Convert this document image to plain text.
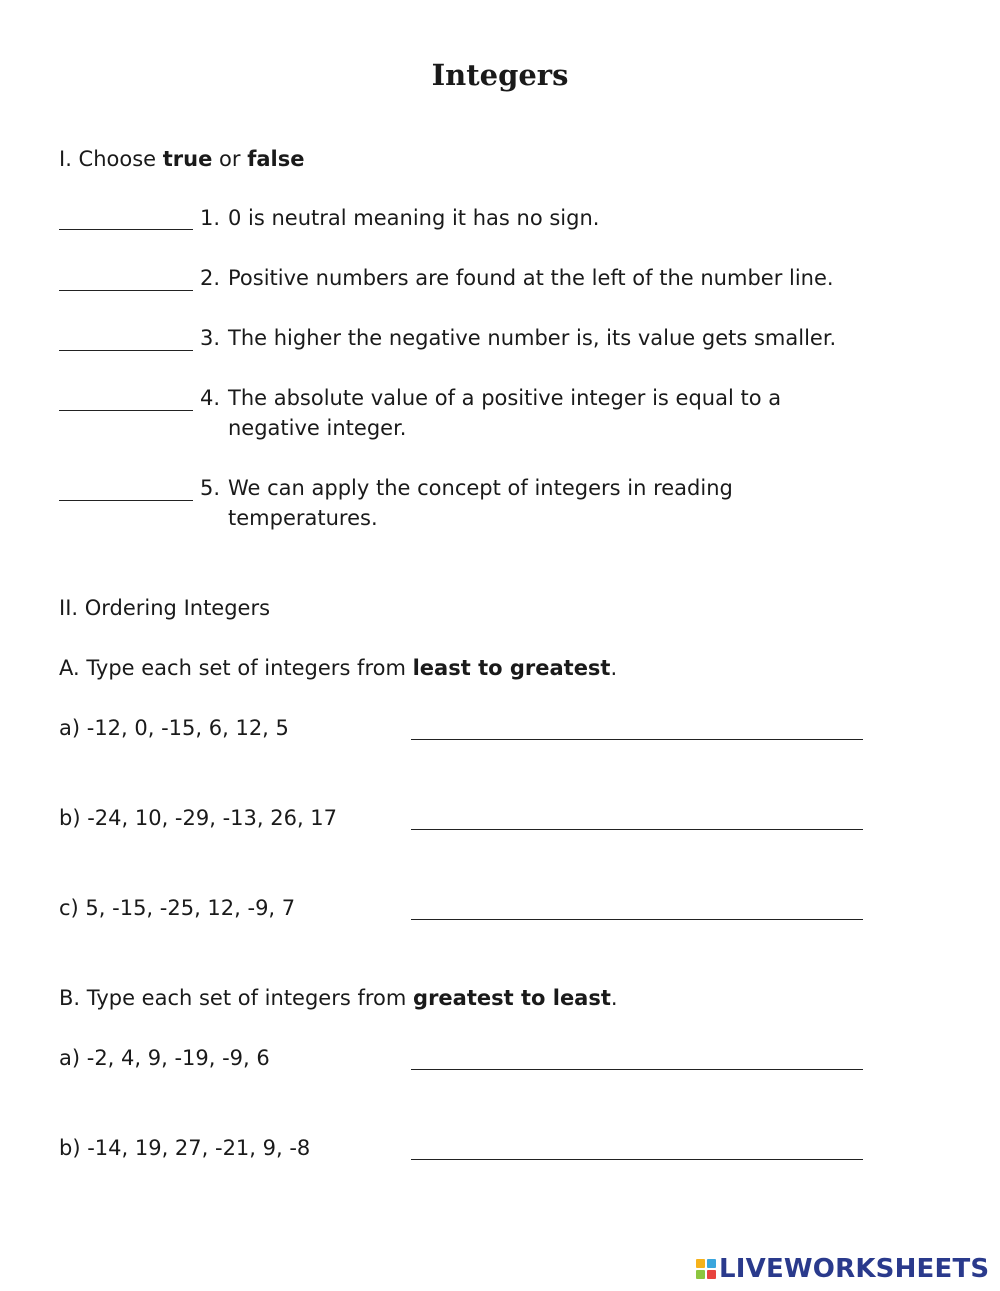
Integers
I. Choose true or false
1. 0 is neutral meaning it has no sign.
2. Positive numbers are found at the left of the number line.
3. The higher the negative number is, its value gets smaller.
4. The absolute value of a positive integer is equal to a
negative integer.
5. We can apply the concept of integers in reading
temperatures.
II. Ordering Integers
A. Type each set of integers from least to greatest.
a) -12, 0, -15, 6, 12, 5
b) -24, 10, -29, -13, 26, 17
c) 5, -15, -25, 12, -9, 7
B. Type each set of integers from greatest to least.
a) -2, 4, 9, -19, -9, 6
b) -14, 19, 27, -21, 9, -8
LIVEWORKSHEETS
